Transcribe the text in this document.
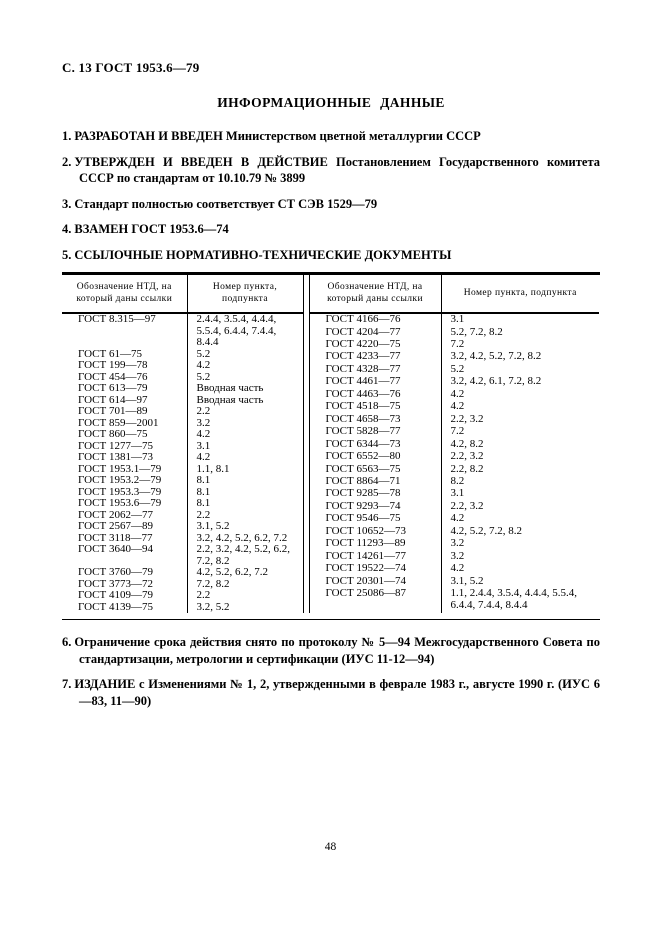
С. 13 ГОСТ 1953.6—79
ИНФОРМАЦИОННЫЕ ДАННЫЕ

1. РАЗРАБОТАН И ВВЕДЕН Министерством цветной металлургии СССР

2. УТВЕРЖДЕН И ВВЕДЕН В ДЕЙСТВИЕ Постановлением Государственного комитета СССР по стандартам от 10.10.79 № 3899

3. Стандарт полностью соответствует СТ СЭВ 1529—79

4. ВЗАМЕН ГОСТ 1953.6—74

5. ССЫЛОЧНЫЕ НОРМАТИВНО-ТЕХНИЧЕСКИЕ ДОКУМЕНТЫ

Обозначение НТД, на который даны ссылки	Номер пункта, подпункта
ГОСТ 8.315—97	2.4.4, 3.5.4, 4.4.4, 5.5.4, 6.4.4, 7.4.4, 8.4.4
ГОСТ 61—75	5.2
ГОСТ 199—78	4.2
ГОСТ 454—76	5.2
ГОСТ 613—79	Вводная часть
ГОСТ 614—97	Вводная часть
ГОСТ 701—89	2.2
ГОСТ 859—2001	3.2
ГОСТ 860—75	4.2
ГОСТ 1277—75	3.1
ГОСТ 1381—73	4.2
ГОСТ 1953.1—79	1.1, 8.1
ГОСТ 1953.2—79	8.1
ГОСТ 1953.3—79	8.1
ГОСТ 1953.6—79	8.1
ГОСТ 2062—77	2.2
ГОСТ 2567—89	3.1, 5.2
ГОСТ 3118—77	3.2, 4.2, 5.2, 6.2, 7.2
ГОСТ 3640—94	2.2, 3.2, 4.2, 5.2, 6.2, 7.2, 8.2
ГОСТ 3760—79	4.2, 5.2, 6.2, 7.2
ГОСТ 3773—72	7.2, 8.2
ГОСТ 4109—79	2.2
ГОСТ 4139—75	3.2, 5.2
Обозначение НТД, на который даны ссылки	Номер пункта, подпункта
ГОСТ 4166—76	3.1
ГОСТ 4204—77	5.2, 7.2, 8.2
ГОСТ 4220—75	7.2
ГОСТ 4233—77	3.2, 4.2, 5.2, 7.2, 8.2
ГОСТ 4328—77	5.2
ГОСТ 4461—77	3.2, 4.2, 6.1, 7.2, 8.2
ГОСТ 4463—76	4.2
ГОСТ 4518—75	4.2
ГОСТ 4658—73	2.2, 3.2
ГОСТ 5828—77	7.2
ГОСТ 6344—73	4.2, 8.2
ГОСТ 6552—80	2.2, 3.2
ГОСТ 6563—75	2.2, 8.2
ГОСТ 8864—71	8.2
ГОСТ 9285—78	3.1
ГОСТ 9293—74	2.2, 3.2
ГОСТ 9546—75	4.2
ГОСТ 10652—73	4.2, 5.2, 7.2, 8.2
ГОСТ 11293—89	3.2
ГОСТ 14261—77	3.2
ГОСТ 19522—74	4.2
ГОСТ 20301—74	3.1, 5.2
ГОСТ 25086—87	1.1, 2.4.4, 3.5.4, 4.4.4, 5.5.4, 6.4.4, 7.4.4, 8.4.4

6. Ограничение срока действия снято по протоколу № 5—94 Межгосударственного Совета по стандартизации, метрологии и сертификации (ИУС 11-12—94)

7. ИЗДАНИЕ с Изменениями № 1, 2, утвержденными в феврале 1983 г., августе 1990 г. (ИУС 6—83, 11—90)

48
